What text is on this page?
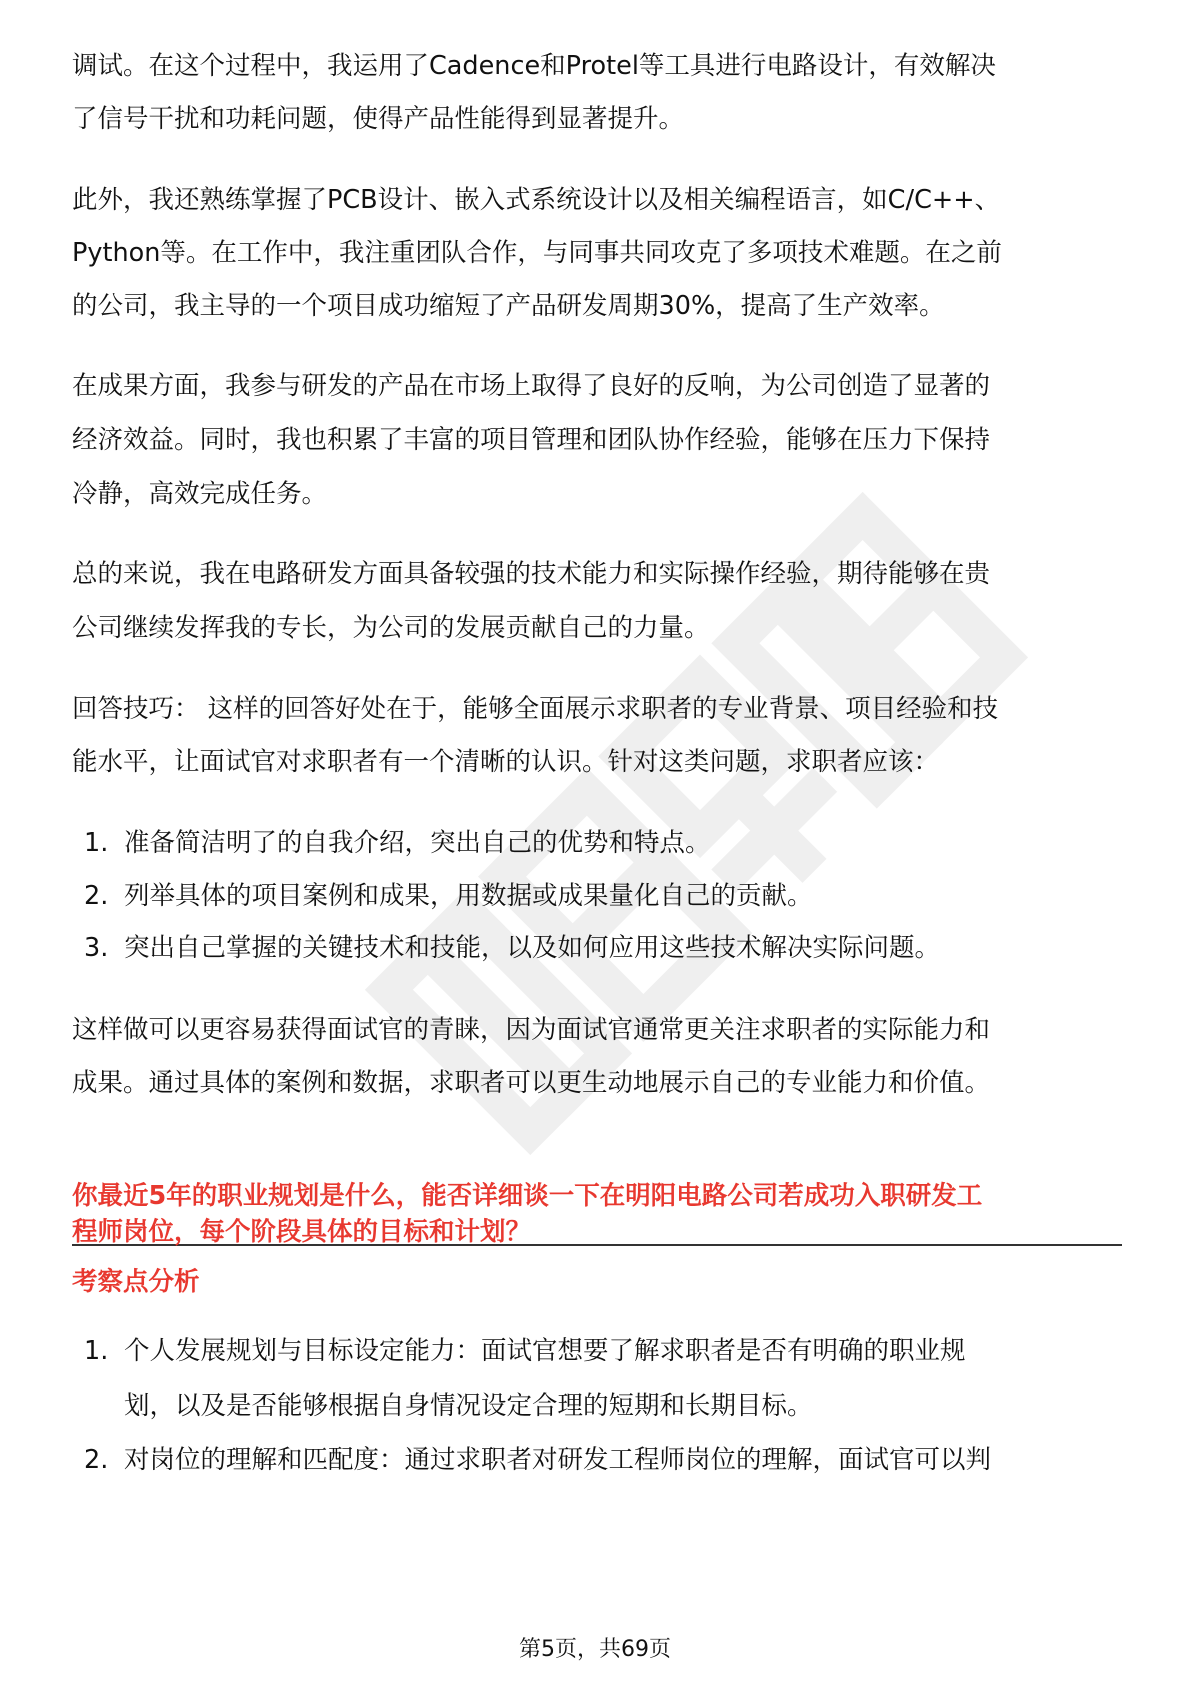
调试。在这个过程中，我运用了Cadence和Protel等工具进行电路设计，有效解决

了信号干扰和功耗问题，使得产品性能得到显著提升。

此外，我还熟练掌握了PCB设计、嵌入式系统设计以及相关编程语言，如C/C++、

Python等。在工作中，我注重团队合作，与同事共同攻克了多项技术难题。在之前

的公司，我主导的一个项目成功缩短了产品研发周期30%，提高了生产效率。

在成果方面，我参与研发的产品在市场上取得了良好的反响，为公司创造了显著的

经济效益。同时，我也积累了丰富的项目管理和团队协作经验，能够在压力下保持

冷静，高效完成任务。

总的来说，我在电路研发方面具备较强的技术能力和实际操作经验，期待能够在贵

公司继续发挥我的专长，为公司的发展贡献自己的力量。

回答技巧： 这样的回答好处在于，能够全面展示求职者的专业背景、项目经验和技

能水平，让面试官对求职者有一个清晰的认识。针对这类问题，求职者应该：

1. 准备简洁明了的自我介绍，突出自己的优势和特点。
2. 列举具体的项目案例和成果，用数据或成果量化自己的贡献。
3. 突出自己掌握的关键技术和技能，以及如何应用这些技术解决实际问题。

这样做可以更容易获得面试官的青睐，因为面试官通常更关注求职者的实际能力和

成果。通过具体的案例和数据，求职者可以更生动地展示自己的专业能力和价值。

你最近5年的职业规划是什么，能否详细谈一下在明阳电路公司若成功入职研发工

程师岗位，每个阶段具体的目标和计划？

考察点分析

1. 个人发展规划与目标设定能力：面试官想要了解求职者是否有明确的职业规
划，以及是否能够根据自身情况设定合理的短期和长期目标。
2. 对岗位的理解和匹配度：通过求职者对研发工程师岗位的理解，面试官可以判
第5页，共69页
